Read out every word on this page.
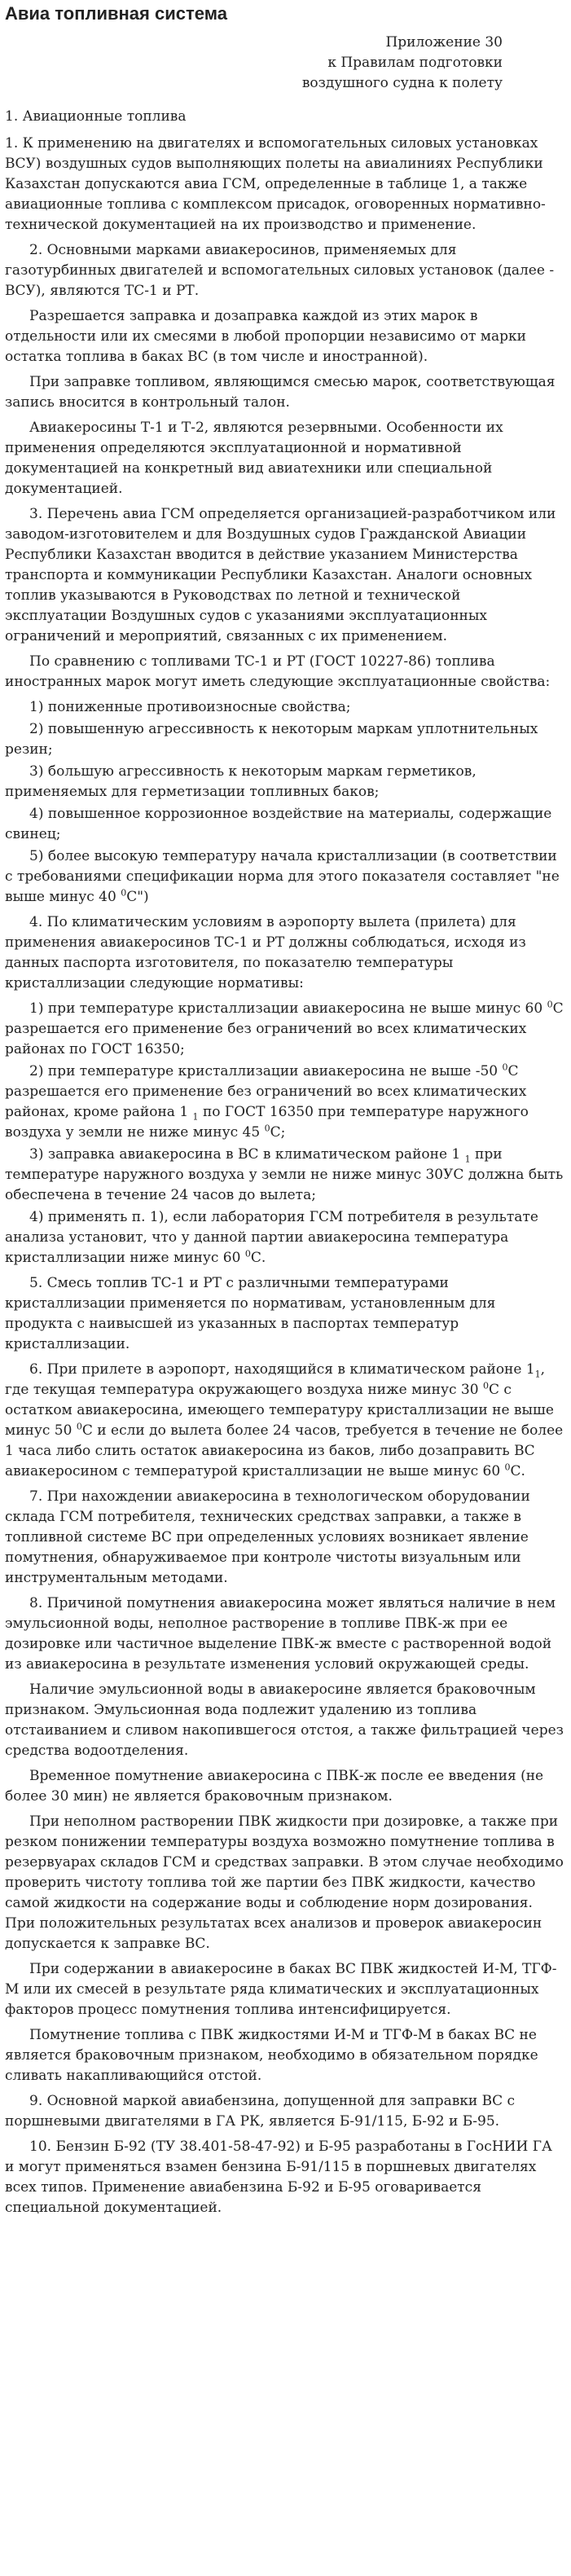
Авиа топливная система

Приложение 30

к Правилам подготовки

воздушного судна к полету

1. Авиационные топлива

1. К применению на двигателях и вспомогательных силовых установках ВСУ) воздушных судов выполняющих полеты на авиалиниях Республики Казахстан допускаются авиа ГСМ, определенные в таблице 1, а также авиационные топлива с комплексом присадок, оговоренных нормативно-технической документацией на их производство и применение.

2. Основными марками авиакеросинов, применяемых для газотурбинных двигателей и вспомогательных силовых установок (далее - ВСУ), являются ТС-1 и РТ.

Разрешается заправка и дозаправка каждой из этих марок в отдельности или их смесями в любой пропорции независимо от марки остатка топлива в баках ВС (в том числе и иностранной).

При заправке топливом, являющимся смесью марок, соответствующая запись вносится в контрольный талон.

Авиакеросины Т-1 и Т-2, являются резервными. Особенности их применения определяются эксплуатационной и нормативной документацией на конкретный вид авиатехники или специальной документацией.

3. Перечень авиа ГСМ определяется организацией-разработчиком или заводом-изготовителем и для Воздушных судов Гражданской Авиации Республики Казахстан вводится в действие указанием Министерства транспорта и коммуникации Республики Казахстан. Аналоги основных топлив указываются в Руководствах по летной и технической эксплуатации Воздушных судов с указаниями эксплуатационных ограничений и мероприятий, связанных с их применением.

По сравнению с топливами ТС-1 и РТ (ГОСТ 10227-86) топлива иностранных марок могут иметь следующие эксплуатационные свойства:

1) пониженные противоизносные свойства;

2) повышенную агрессивность к некоторым маркам уплотнительных резин;

3) большую агрессивность к некоторым маркам герметиков, применяемых для герметизации топливных баков;

4) повышенное коррозионное воздействие на материалы, содержащие свинец;

5) более высокую температуру начала кристаллизации (в соответствии с требованиями спецификации норма для этого показателя составляет "не выше минус 40 $^0$С")

4. По климатическим условиям в аэропорту вылета (прилета) для применения авиакеросинов ТС-1 и РТ должны соблюдаться, исходя из данных паспорта изготовителя, по показателю температуры кристаллизации следующие нормативы:

1) при температуре кристаллизации авиакеросина не выше минус 60 $^0$С разрешается его применение без ограничений во всех климатических районах по ГОСТ 16350;

2) при температуре кристаллизации авиакеросина не выше -50 $^0$С разрешается его применение без ограничений во всех климатических районах, кроме района 1 $_1$ по ГОСТ 16350 при температуре наружного воздуха у земли не ниже минус 45 $^0$С;

3) заправка авиакеросина в ВС в климатическом районе 1 $_1$ при температуре наружного воздуха у земли не ниже минус 30УС должна быть обеспечена в течение 24 часов до вылета;

4) применять п. 1), если лаборатория ГСМ потребителя в результате анализа установит, что у данной партии авиакеросина температура кристаллизации ниже минус 60 $^0$С.

5. Смесь топлив ТС-1 и РТ с различными температурами кристаллизации применяется по нормативам, установленным для продукта с наивысшей из указанных в паспортах температур кристаллизации.

6. При прилете в аэропорт, находящийся в климатическом районе $1_1$, где текущая температура окружающего воздуха ниже минус 30 $^0$С с остатком авиакеросина, имеющего температуру кристаллизации не выше минус 50 $^0$С и если до вылета более 24 часов, требуется в течение не более 1 часа либо слить остаток авиакеросина из баков, либо дозаправить ВС авиакеросином с температурой кристаллизации не выше минус 60 $^0$С.

7. При нахождении авиакеросина в технологическом оборудовании склада ГСМ потребителя, технических средствах заправки, а также в топливной системе ВС при определенных условиях возникает явление помутнения, обнаруживаемое при контроле чистоты визуальным или инструментальным методами.

8. Причиной помутнения авиакеросина может являться наличие в нем эмульсионной воды, неполное растворение в топливе ПВК-ж при ее дозировке или частичное выделение ПВК-ж вместе с растворенной водой из авиакеросина в результате изменения условий окружающей среды.

Наличие эмульсионной воды в авиакеросине является браковочным признаком. Эмульсионная вода подлежит удалению из топлива отстаиванием и сливом накопившегося отстоя, а также фильтрацией через средства водоотделения.

Временное помутнение авиакеросина с ПВК-ж после ее введения (не более 30 мин) не является браковочным признаком.

При неполном растворении ПВК жидкости при дозировке, а также при резком понижении температуры воздуха возможно помутнение топлива в резервуарах складов ГСМ и средствах заправки. В этом случае необходимо проверить чистоту топлива той же партии без ПВК жидкости, качество самой жидкости на содержание воды и соблюдение норм дозирования. При положительных результатах всех анализов и проверок авиакеросин допускается к заправке ВС.

При содержании в авиакеросине в баках ВС ПВК жидкостей И-М, ТГФ-М или их смесей в результате ряда климатических и эксплуатационных факторов процесс помутнения топлива интенсифицируется.

Помутнение топлива с ПВК жидкостями И-М и ТГФ-М в баках ВС не является браковочным признаком, необходимо в обязательном порядке сливать накапливающийся отстой.

9. Основной маркой авиабензина, допущенной для заправки ВС с поршневыми двигателями в ГА РК, является Б-91/115, Б-92 и Б-95.

10. Бензин Б-92 (ТУ 38.401-58-47-92) и Б-95 разработаны в ГосНИИ ГА и могут применяться взамен бензина Б-91/115 в поршневых двигателях всех типов. Применение авиабензина Б-92 и Б-95 оговаривается специальной документацией.
